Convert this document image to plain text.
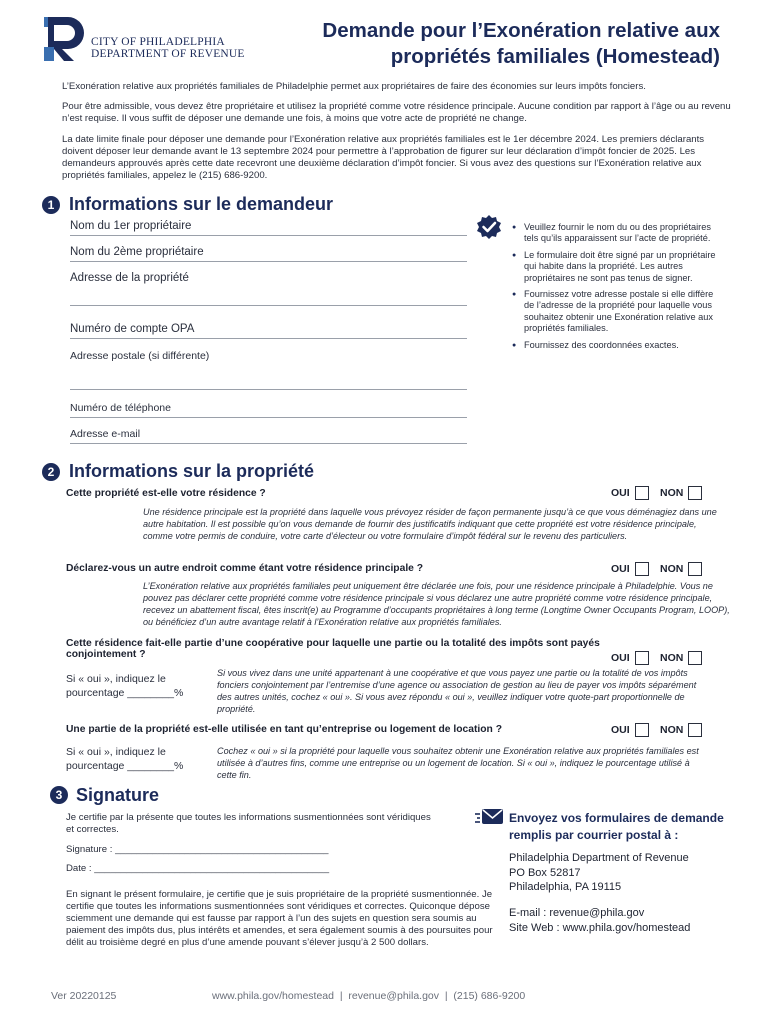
CITY OF PHILADELPHIA
DEPARTMENT OF REVENUE
Demande pour l’Exonération relative aux
propriétés familiales (Homestead)
L’Exonération relative aux propriétés familiales de Philadelphie permet aux propriétaires de faire des économies sur leurs impôts fonciers.
Pour être admissible, vous devez être propriétaire et utilisez la propriété comme votre résidence principale. Aucune condition par rapport à l’âge ou au revenu n’est requise. Il vous suffit de déposer une demande une fois, à moins que votre acte de propriété ne change.
La date limite finale pour déposer une demande pour l’Exonération relative aux propriétés familiales est le 1er décembre 2024. Les premiers déclarants doivent déposer leur demande avant le 13 septembre 2024 pour permettre à l’approbation de figurer sur leur déclaration d’impôt foncier de 2025. Les demandeurs approuvés après cette date recevront une deuxième déclaration d’impôt foncier. Si vous avez des questions sur l’Exonération relative aux propriétés familiales, appelez le (215) 686-9200.
1 Informations sur le demandeur
Nom du 1er propriétaire
Nom du 2ème propriétaire
Adresse de la propriété
Numéro de compte OPA
Adresse postale (si différente)
Numéro de téléphone
Adresse e-mail
● Veuillez fournir le nom du ou des propriétaires tels qu’ils apparaissent sur l’acte de propriété.
● Le formulaire doit être signé par un propriétaire qui habite dans la propriété. Les autres propriétaires ne sont pas tenus de signer.
● Fournissez votre adresse postale si elle diffère de l’adresse de la propriété pour laquelle vous souhaitez obtenir une Exonération relative aux propriétés familiales.
● Fournissez des coordonnées exactes.
2 Informations sur la propriété
Cette propriété est-elle votre résidence ?	OUI	NON
Une résidence principale est la propriété dans laquelle vous prévoyez résider de façon permanente jusqu’à ce que vous déménagiez dans une autre habitation. Il est possible qu’on vous demande de fournir des justificatifs indiquant que cette propriété est votre résidence principale, comme votre permis de conduire, votre carte d’électeur ou votre formulaire d’impôt fédéral sur le revenu des particuliers.
Déclarez-vous un autre endroit comme étant votre résidence principale ?	OUI	NON
L’Exonération relative aux propriétés familiales peut uniquement être déclarée une fois, pour une résidence principale à Philadelphie. Vous ne pouvez pas déclarer cette propriété comme votre résidence principale si vous déclarez une autre propriété comme votre résidence principale, recevez un abattement fiscal, êtes inscrit(e) au Programme d’occupants propriétaires à long terme (Longtime Owner Occupants Program, LOOP), ou bénéficiez d’un autre avantage relatif à l’Exonération relative aux propriétés familiales.
Cette résidence fait-elle partie d’une coopérative pour laquelle une partie ou la totalité des impôts sont payés
conjointement ?	OUI	NON
Si « oui », indiquez le
pourcentage ________%
Si vous vivez dans une unité appartenant à une coopérative et que vous payez une partie ou la totalité de vos impôts fonciers conjointement par l’entremise d’une agence ou association de gestion au lieu de payer vos impôts séparément des autres unités, cochez « oui ». Si vous avez répondu « oui », veuillez indiquer votre quote-part proportionnelle de propriété.
Une partie de la propriété est-elle utilisée en tant qu’entreprise ou logement de location ?	OUI	NON
Si « oui », indiquez le
pourcentage ________%
Cochez « oui » si la propriété pour laquelle vous souhaitez obtenir une Exonération relative aux propriétés familiales est utilisée à d’autres fins, comme une entreprise ou un logement de location. Si « oui », indiquez le pourcentage utilisé à cette fin.
3 Signature
Je certifie par la présente que toutes les informations susmentionnées sont véridiques et correctes.
Signature : ________________________________________
Date : ____________________________________________
En signant le présent formulaire, je certifie que je suis propriétaire de la propriété susmentionnée. Je certifie que toutes les informations susmentionnées sont véridiques et correctes. Quiconque dépose sciemment une demande qui est fausse par rapport à l’un des sujets en question sera soumis au paiement des impôts dus, plus intérêts et amendes, et sera également soumis à des poursuites pour délit au troisième degré en plus d’une amende pouvant s’élever jusqu’à 2 500 dollars.
Envoyez vos formulaires de demande
remplis par courrier postal à :
Philadelphia Department of Revenue
PO Box 52817
Philadelphia, PA 19115
E-mail : revenue@phila.gov
Site Web : www.phila.gov/homestead
Ver 20220125	www.phila.gov/homestead  |  revenue@phila.gov  |  (215) 686-9200
